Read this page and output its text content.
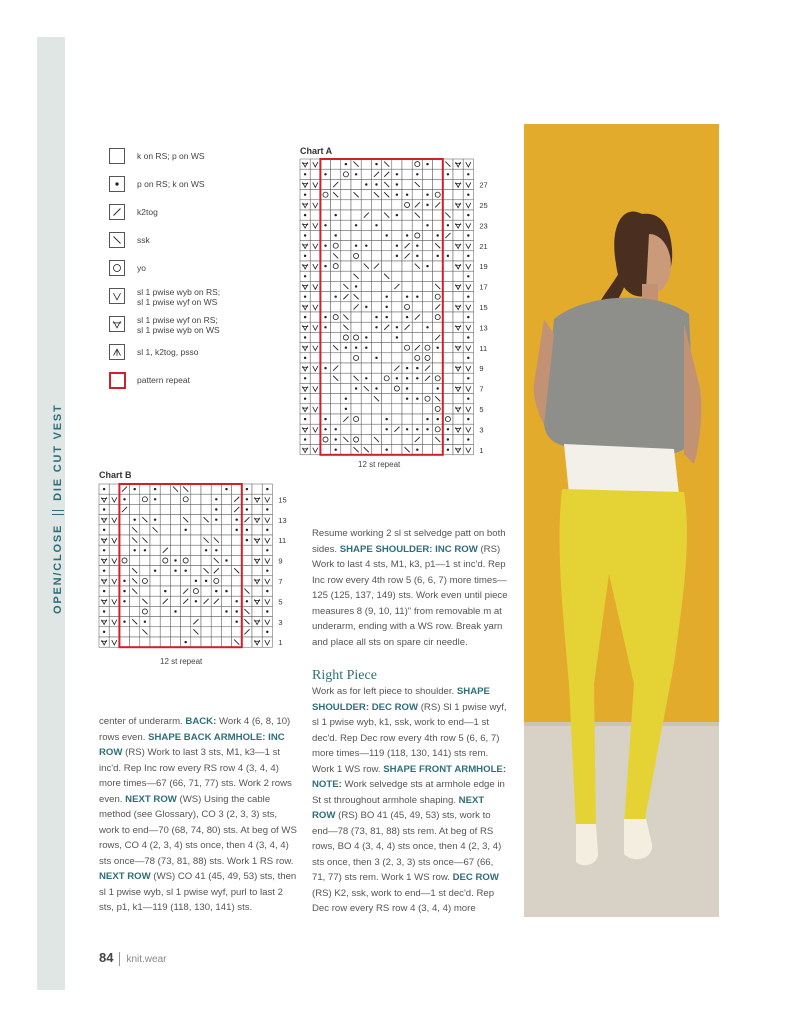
OPEN/CLOSEDIE CUT VEST
k on RS; p on WS
p on RS; k on WS
k2tog
ssk
yo
sl 1 pwise wyb on RS;
sl 1 pwise wyf on WS
sl 1 pwise wyf on RS;
sl 1 pwise wyb on WS
sl 1, k2tog, psso
pattern repeat
Chart A
27
25
23
21
19
17
15
13
11
9
7
5
3
1
12 st repeat
Chart B
15
13
11
9
7
5
3
1
12 st repeat
center of underarm. BACK: Work 4 (6, 8, 10) rows even. SHAPE BACK ARMHOLE: INC ROW (RS) Work to last 3 sts, M1, k3—1 st inc'd. Rep Inc row every RS row 4 (3, 4, 4) more times—67 (66, 71, 77) sts. Work 2 rows even. NEXT ROW (WS) Using the cable method (see Glossary), CO 3 (2, 3, 3) sts, work to end—70 (68, 74, 80) sts. At beg of WS rows, CO 4 (2, 3, 4) sts once, then 4 (3, 4, 4) sts once—78 (73, 81, 88) sts. Work 1 RS row. NEXT ROW (WS) CO 41 (45, 49, 53) sts, then sl 1 pwise wyb, sl 1 pwise wyf, purl to last 2 sts, p1, k1—119 (118, 130, 141) sts.
Resume working 2 sl st selvedge patt on both sides. SHAPE SHOULDER: INC ROW (RS) Work to last 4 sts, M1, k3, p1—1 st inc'd. Rep Inc row every 4th row 5 (6, 6, 7) more times—125 (125, 137, 149) sts. Work even until piece measures 8 (9, 10, 11)" from removable m at underarm, ending with a WS row. Break yarn and place all sts on spare cir needle.
Right Piece
Work as for left piece to shoulder. SHAPE SHOULDER: DEC ROW (RS) Sl 1 pwise wyf, sl 1 pwise wyb, k1, ssk, work to end—1 st dec'd. Rep Dec row every 4th row 5 (6, 6, 7) more times—119 (118, 130, 141) sts rem. Work 1 WS row. SHAPE FRONT ARMHOLE: NOTE: Work selvedge sts at armhole edge in St st throughout armhole shaping. NEXT ROW (RS) BO 41 (45, 49, 53) sts, work to end—78 (73, 81, 88) sts rem. At beg of RS rows, BO 4 (3, 4, 4) sts once, then 4 (2, 3, 4) sts once, then 3 (2, 3, 3) sts once—67 (66, 71, 77) sts rem. Work 1 WS row. DEC ROW (RS) K2, ssk, work to end—1 st dec'd. Rep Dec row every RS row 4 (3, 4, 4) more
84 knit.wear
